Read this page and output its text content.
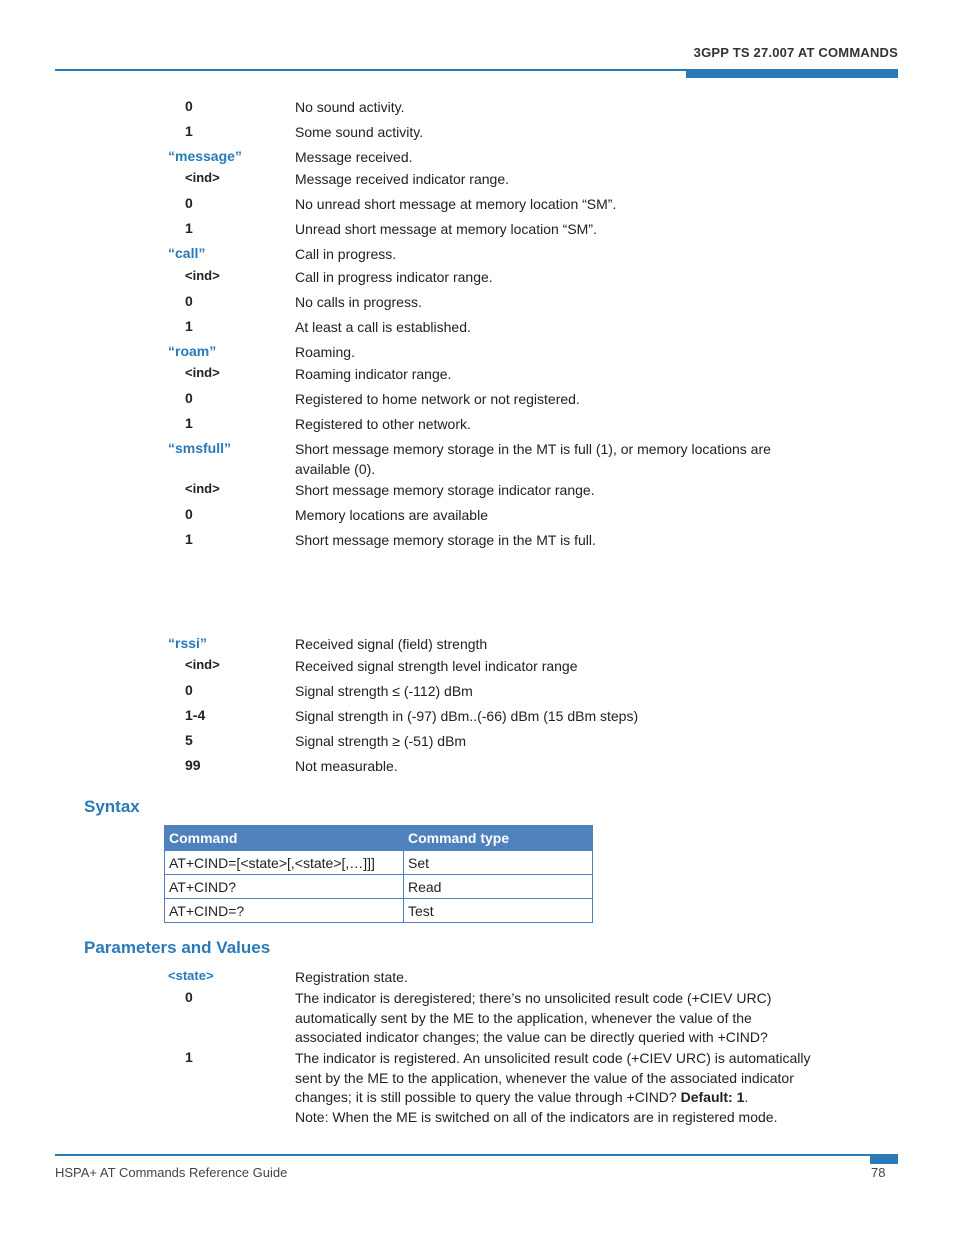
3GPP TS 27.007 AT COMMANDS
0	No sound activity.
1	Some sound activity.
“message”	Message received.
<ind>	Message received indicator range.
0	No unread short message at memory location “SM”.
1	Unread short message at memory location “SM”.
“call”	Call in progress.
<ind>	Call in progress indicator range.
0	No calls in progress.
1	At least a call is established.
“roam”	Roaming.
<ind>	Roaming indicator range.
0	Registered to home network or not registered.
1	Registered to other network.
“smsfull”	Short message memory storage in the MT is full (1), or memory locations are available (0).
<ind>	Short message memory storage indicator range.
0	Memory locations are available
1	Short message memory storage in the MT is full.
“rssi”	Received signal (field) strength
<ind>	Received signal strength level indicator range
0	Signal strength ≤ (-112) dBm
1-4	Signal strength in (-97) dBm..(-66) dBm (15 dBm steps)
5	Signal strength ≥ (-51) dBm
99	Not measurable.
Syntax
Command	Command type
AT+CIND=[<state>[,<state>[,…]]]	Set
AT+CIND?	Read
AT+CIND=?	Test
Parameters and Values
<state>	Registration state.
0	The indicator is deregistered; there’s no unsolicited result code (+CIEV URC) automatically sent by the ME to the application, whenever the value of the associated indicator changes; the value can be directly queried with +CIND?
1	The indicator is registered. An unsolicited result code (+CIEV URC) is automatically sent by the ME to the application, whenever the value of the associated indicator changes; it is still possible to query the value through +CIND? Default: 1.
Note: When the ME is switched on all of the indicators are in registered mode.
HSPA+ AT Commands Reference Guide	78
